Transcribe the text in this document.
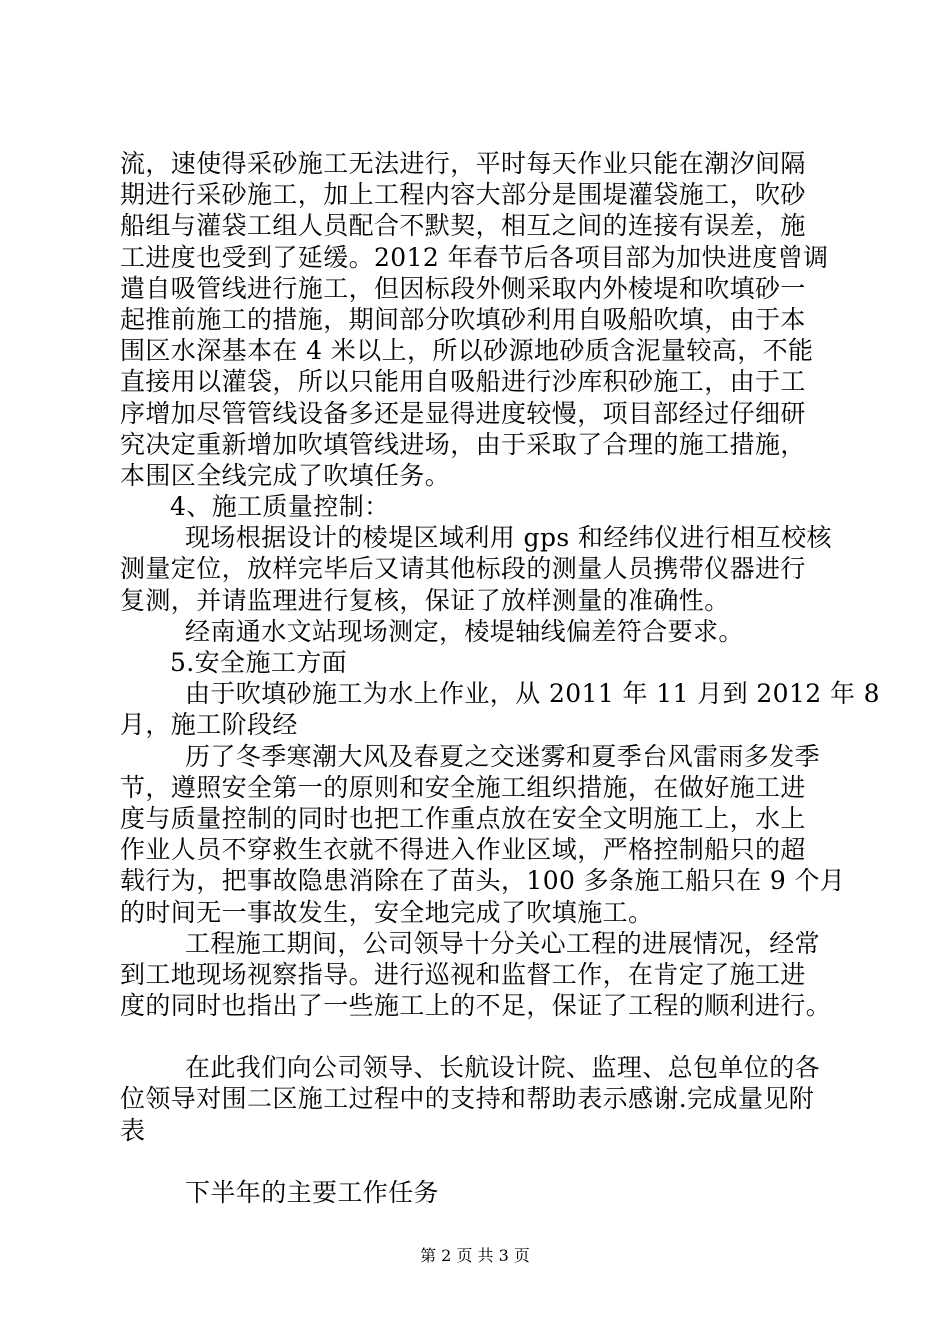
流，速使得采砂施工无法进行，平时每天作业只能在潮汐间隔
期进行采砂施工，加上工程内容大部分是围堤灌袋施工，吹砂
船组与灌袋工组人员配合不默契，相互之间的连接有误差，施
工进度也受到了延缓。2012 年春节后各项目部为加快进度曾调
遣自吸管线进行施工，但因标段外侧采取内外棱堤和吹填砂一
起推前施工的措施，期间部分吹填砂利用自吸船吹填，由于本
围区水深基本在 4 米以上，所以砂源地砂质含泥量较高，不能
直接用以灌袋，所以只能用自吸船进行沙库积砂施工，由于工
序增加尽管管线设备多还是显得进度较慢，项目部经过仔细研
究决定重新增加吹填管线进场，由于采取了合理的施工措施，
本围区全线完成了吹填任务。
4、施工质量控制：
现场根据设计的棱堤区域利用 gps 和经纬仪进行相互校核
测量定位，放样完毕后又请其他标段的测量人员携带仪器进行
复测，并请监理进行复核，保证了放样测量的准确性。
经南通水文站现场测定，棱堤轴线偏差符合要求。
5.安全施工方面
由于吹填砂施工为水上作业，从 2011 年 11 月到 2012 年 8
月，施工阶段经
历了冬季寒潮大风及春夏之交迷雾和夏季台风雷雨多发季
节，遵照安全第一的原则和安全施工组织措施，在做好施工进
度与质量控制的同时也把工作重点放在安全文明施工上，水上
作业人员不穿救生衣就不得进入作业区域，严格控制船只的超
载行为，把事故隐患消除在了苗头，100 多条施工船只在 9 个月
的时间无一事故发生，安全地完成了吹填施工。
工程施工期间，公司领导十分关心工程的进展情况，经常
到工地现场视察指导。进行巡视和监督工作，在肯定了施工进
度的同时也指出了一些施工上的不足，保证了工程的顺利进行。
在此我们向公司领导、长航设计院、监理、总包单位的各
位领导对围二区施工过程中的支持和帮助表示感谢.完成量见附
表
下半年的主要工作任务
第 2 页 共 3 页
